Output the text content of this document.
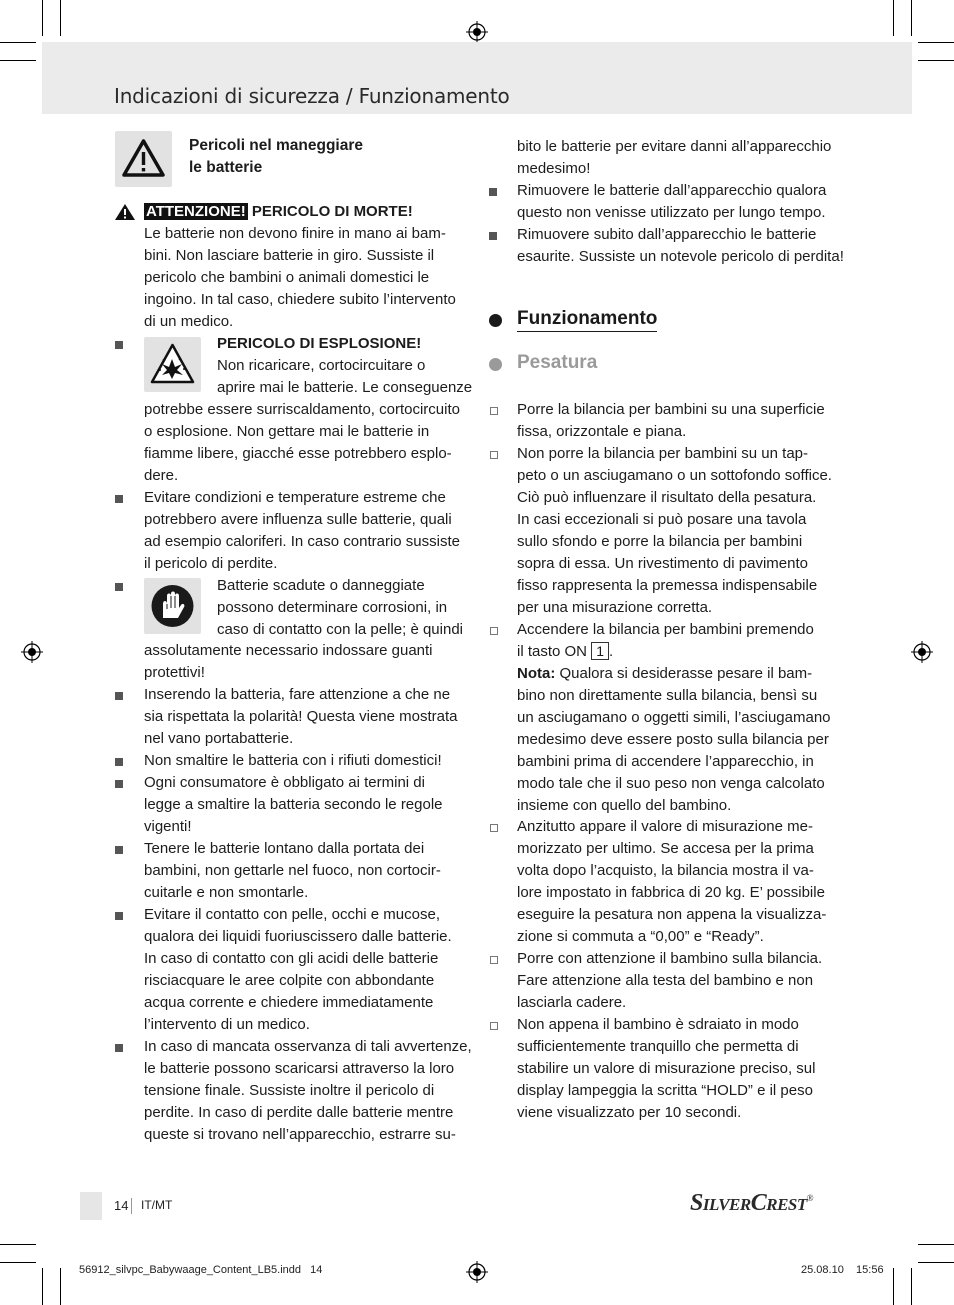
Indicazioni di sicurezza / Funzionamento
Pericoli nel maneggiare
le batterie
ATTENZIONE! PERICOLO DI MORTE!
Le batterie non devono finire in mano ai bam-
bini. Non lasciare batterie in giro. Sussiste il
pericolo che bambini o animali domestici le
ingoino. In tal caso, chiedere subito l’intervento
di un medico.
PERICOLO DI ESPLOSIONE!
Non ricaricare, cortocircuitare o
aprire mai le batterie. Le conseguenze
potrebbe essere surriscaldamento, cortocircuito
o esplosione. Non gettare mai le batterie in
fiamme libere, giacché esse potrebbero esplo-
dere.
Evitare condizioni e temperature estreme che
potrebbero avere influenza sulle batterie, quali
ad esempio caloriferi. In caso contrario sussiste
il pericolo di perdite.
Batterie scadute o danneggiate
possono determinare corrosioni, in
caso di contatto con la pelle; è quindi
assolutamente necessario indossare guanti
protettivi!
Inserendo la batteria, fare attenzione a che ne
sia rispettata la polarità! Questa viene mostrata
nel vano portabatterie.
Non smaltire le batteria con i rifiuti domestici!
Ogni consumatore è obbligato ai termini di
legge a smaltire la batteria secondo le regole
vigenti!
Tenere le batterie lontano dalla portata dei
bambini, non gettarle nel fuoco, non cortocir-
cuitarle e non smontarle.
Evitare il contatto con pelle, occhi e mucose,
qualora dei liquidi fuoriuscissero dalle batterie.
In caso di contatto con gli acidi delle batterie
risciacquare le aree colpite con abbondante
acqua corrente e chiedere immediatamente
l’intervento di un medico.
In caso di mancata osservanza di tali avvertenze,
le batterie possono scaricarsi attraverso la loro
tensione finale. Sussiste inoltre il pericolo di
perdite. In caso di perdite dalle batterie mentre
queste si trovano nell’apparecchio, estrarre su-
bito le batterie per evitare danni all’apparecchio
medesimo!
Rimuovere le batterie dall’apparecchio qualora
questo non venisse utilizzato per lungo tempo.
Rimuovere subito dall’apparecchio le batterie
esaurite. Sussiste un notevole pericolo di perdita!
Funzionamento
Pesatura
Porre la bilancia per bambini su una superficie
fissa, orizzontale e piana.
Non porre la bilancia per bambini su un tap-
peto o un asciugamano o un sottofondo soffice.
Ciò può influenzare il risultato della pesatura.
In casi eccezionali si può posare una tavola
sullo sfondo e porre la bilancia per bambini
sopra di essa. Un rivestimento di pavimento
fisso rappresenta la premessa indispensabile
per una misurazione corretta.
Accendere la bilancia per bambini premendo
il tasto ON 1 .
Nota: Qualora si desiderasse pesare il bam-
bino non direttamente sulla bilancia, bensì su
un asciugamano o oggetti simili, l’asciugamano
medesimo deve essere posto sulla bilancia per
bambini prima di accendere l’apparecchio, in
modo tale che il suo peso non venga calcolato
insieme con quello del bambino.
Anzitutto appare il valore di misurazione me-
morizzato per ultimo. Se accesa per la prima
volta dopo l’acquisto, la bilancia mostra il va-
lore impostato in fabbrica di 20 kg. E’ possibile
eseguire la pesatura non appena la visualizza-
zione si commuta a “0,00” e “Ready”.
Porre con attenzione il bambino sulla bilancia.
Fare attenzione alla testa del bambino e non
lasciarla cadere.
Non appena il bambino è sdraiato in modo
sufficientemente tranquillo che permetta di
stabilire un valore di misurazione preciso, sul
display lampeggia la scritta “HOLD” e il peso
viene visualizzato per 10 secondi.
14 IT/MT	SilverCrest®
56912_silvpc_Babywaage_Content_LB5.indd   14	25.08.10    15:56
